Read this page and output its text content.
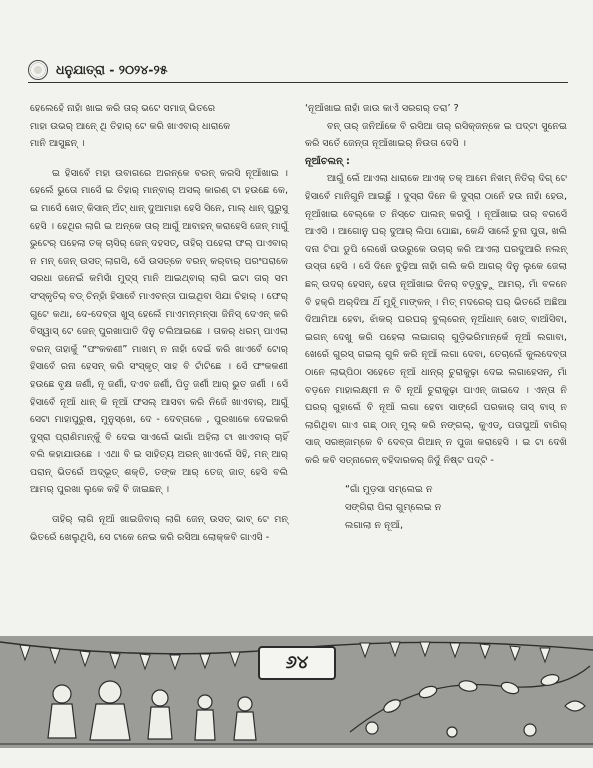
ଧନୁଯାତ୍ରା - ୨୦୨୪-୨୫

ହେଲେହେଁ ନାହାଁ ଖାଇ କରି ତାର୍ ଭଟେ ସମାଜ୍ ଭିତରେ

ମାହା ଉଭର୍ ଆନେ୍ ଥି ତିହାର୍ ଟେ କରି ଖାଏବାର୍ ଧାରାକେ

ମାନି ଆସୁଛନ୍ ।

ଇ ହିସାବେଁ ମହା ଉବାଗରେ ଅରନ୍‌କେ ବରନ୍ କରସି ନୂଆଁଖାଇ । ହେଲେଁ ଭୁତୋ ମାସେଁ ଇ ତିହାର୍ ମାନ୍‌ବାର୍ ଅସଲ୍ କାରଣ୍ ଟା ହଉଛେ କେ, ଇ ମାସେଁ ଖେତ୍ କିସାନ୍ ଅଁଟ୍ ଧାନ୍ ଦୁଆମାହା ହେସି ସିନେ, ମାଲ୍ ଧାନ୍ ପୁରୁସୁ ହେସି । ହେଥିର ଲାଗି ଇ ଅନ୍‌କେ ତାର୍ ଆଗୁଁ ଆବାହନ୍ କରାହେସି ଜେନ୍ ମାଗୁଁ ଭୁଟେର୍ ପହେଲା ତକ୍ ଚାସିର୍ ଜେନ୍ ଦହସତ୍, ତାହିର୍ ପହେଲା ଫଲ୍ ପାଏବାର୍ ନ ମନ୍ ଜେନ୍ ଉସତ୍ ଲାଗସି, ସେଁ ଉସତ୍‌କେ ବରନ୍ କର୍‌ବାର୍ ପରଂପରାକେ ସରଧା ଜନେଇଁ କମିସାଁ ମୁଦ୍‌ସ୍ ମାନି ଆଇଥ୍‌ବାର୍ ଲାଗି ଇଟା ତାର୍ ସମ ସଂସ୍କୃତିର୍ ବଡ୍ ଚିନ୍‌ହାଁ ହିସାବେଁ ମାଏବନ୍ତା ପାଇଥିବା ସିଯା ଚିହାର୍ । ଫେର୍ ଗୁଟେ କଥା, ଦେ-ଦେବ୍‌ତା ଖୁସ୍ ହେଲେଁ ମାଏମନ୍‌ମନ୍‌ସା ଜିନିସ୍ ଦେଏନ୍ କରି ବିସ୍ୱାସ୍ ଟେ ଜେନ୍ ପୁରଖାପାତି ଦିନୁ ଚଲିଆଇଛେ । ତାକର୍ ଧରମ୍ ପାଏଲା ବରନ୍ ତାହାକୁଁ “ଫଂକକଣୀ” ମାଖମ୍ ନ ନାହାଁ ଦେଇଁ କରି ଖାଏବେଁ ଟୋର୍ ହିସାବେଁ ରନା ହେସନ୍ କରି ସଂସ୍କୃତ୍ ସାହ ବି ଟାଁଟିଛେ । ସେଁ ଫଂକକଣୀ ହଉଛେ ବୃକ୍ଷ ଜର୍ଣୀ, ନୂ ଜର୍ଣୀ, ଦଏବ ଜର୍ଣୀ, ପିତୃ ଜର୍ଣୀ ଆର୍ ଭୁତ ଜର୍ଣୀ । ସେଁ ହିସାବେଁ ନୂଆଁ ଧାନ୍ କି ନୂଆଁ ଫସଲ୍ ଆସବା କରି ନିଜେଁ ଖାଏବାର୍, ଆଗୁଁ ସେଟା ମାହାପୁରୁଷ, ମୁନୁସ୍‌ଖେ, ଦେ - ଦେବ୍‌ତାକେ , ପୁରଖାକେ ଦେଇକରି ଦୁସ୍‌ରା ପ୍ରାଣିମାନ୍‌କୁଁ ବି ଦେଇ ସାଏଲେଁ ଭାଗାଁ ଅହିଲା ଟା ଖାଏବାର୍ ଚାହିଁ ବଲି କହାଯାଉଛେ । ଏଥା ବି ଇ ସାହିତ୍ୟ ଅରନ୍ ଖାଏଲେଁ ସିହି, ମନ୍ ଆର୍ ପରାନ୍ ଭିତରେଁ ଅଦ୍ଭୂତ୍ ଶକ୍ତି, ତଙ୍କ ଆର୍ ତେଜ୍ ଜାତ୍ ହେସି ବଲି ଆମର୍ ପୁରଖା ଲୁକେ କହି ବି ଜାଇଛନ୍ ।

ତାହିର୍ ଲାଗି ନୂଆଁ ଖାଇଜିବାର୍ ଲାଗି ଜେନ୍ ଉସତ୍ ଭାବ୍ ଟେ ମନ୍ ଭିତରେଁ ଖେଲୁଥିସି, ସେ ଟାକେ ନେଇ କରି ରସିଆ ଲୋକ୍‌କବି ଗାଏସି -

‘ନୂଆଁଖାଇ ନାହାଁ ଜାଉ କାଏଁ ସରଗର୍ ତରା’ ?

ବନ୍ ତାର୍ ଜନିଆଁକେ ବି ରସିଆ ତାର୍ ରସିକ୍‌ଜନ୍‌କେ ଇ ପଦ୍‌ଟା ସୁନେଇ କରି ସତେଁ ଜେନ୍‌ତା ନୂଆଁଖାଇର୍ ନିଉତା ଦେସି ।

ନୂଆଁଚଲନ୍ :

ଆଗୁଁ ଲେଁ ଆଏଲା ଧାରାକେ ଆଏକ୍ ତକ୍ ଆମେ ନିଖମ୍ ନିତିର୍ ଦିଗ୍ ଟେ ହିସାବେଁ ମାନିଗୁନି ଆଇଛୁଁ । ଦୁସ୍‌ରା ଦିନେ କି ଦୁସ୍‌ରା ଠାନେଁ ହଉ ନାହାଁ ହେଉ, ନୂଆଁଖାଇ ବେଲ୍‌କେ ତ ନିସ୍ଚେ ପାଲନ୍ କରସୁଁ । ନୂଆଁଖାଇ ତାର୍ ବରସେଁ ଆଏସି । ଆଗୋନୁ ଘର୍ ଦୁଆର୍ ଲିପା ପୋଛା, କେନ୍ଦି ସାଲେଁ ଚୁନା ପୁତା, ଖଲି ଦନା ଟିପା ଡୁପି ଲେଖେଁ ଉଉରୁକେ ଉଚାର୍ କରି ଆଏଲା ଘରଦୁଆରି ନଲନ୍ ଉସ୍‌ତା ହେସି । ସେଁ ଦିନେ ବୁଢ଼ିଆ ନାହାଁ ଗଲି କରି ଆଗର୍ ଦିନୁ ଲୁକେ ଜେଲା ଛଳ୍ ଉଦର୍ ହେସନ୍, ହେତା ନୂଆଁଖାଇ ଦିନର୍ ବଡ଼୍‌ବୁଢ଼ୁ ଆମର୍, ମାଁ ବଳନେ ବି ହକ୍ରି ଅର୍‌ଦିଆ ଥିଁ ମୁହୂଁ ମାଙ୍କନ୍ । ମିତ୍ ମଦରେର୍ ଘର୍ ଭିତରେଁ ଅଛିଆ ଦିଆମିଆ ହେବା, ଝାଁକର୍ ଘରଘର୍ ବୁଲ୍‌ରେନ୍ ନୂଆଁଧାନ୍ ଖେତ୍ ବାଆଁସିବା, ଇଗନ୍ ଦେଖୁ କରି ପହେଲା ଲଇାଗର୍ ଗୁଡ଼ିଭରିମାନ୍‌କେଁ ନୂଆଁ ଲଗାବା, ଖେରେଁ ଗୁରସ୍ ଗଇଲ୍ ଗୁଳି କରି ନୂଆଁ ଲଗା ଦେବା, ତେଚାଲେଁ କୁଲଦେବ୍‌ତା ଠାନେ ଲାଭ୍‌ପିଠା ସହେତେ ନୂଆଁ ଧାନ୍‌ର୍ ଚୁରାକୁଢ଼ା ଦେଇ ଲଗାହେସନ୍, ମାଁ ବଡ଼ନେ ମାହାଲକ୍ଷ୍ମୀ ନ ବି ନୂଆଁ ଚୁରାକୁଢ଼ା ପାଏନ୍ ଜାଇଦେ । ଏନ୍‌ତା ନି ଘରର୍ ଗୁହାଲେଁ ବି ନୂଆଁ ଲଗା ହେବା ସାଙ୍ଗେଁ ପରକାର୍ ତାସ୍ ବାସ୍ ନ ଲାଗିଥିବା ଗାଏ ଗଛ୍ ଠାନ୍ ମୁଲ୍ କରି ନଙ୍ଗଲ୍, କୁଏଡ୍, ପତାପୁଆଁ ବାଗିର୍ ସାଜ୍ ସରଞ୍ଜାମ୍‌କେ ବି ଦେବ୍‌ତା ଗିଆନ୍ ନ ପୁଜା କରାହେସି । ଇ ଟା ଦେଖି କରି କବି ସତ୍‌ନାରେନ୍ ବହିଦାରକର୍ ଜିଦୁଁ ନିଷ୍‌ଟ ପଦ୍‌ଟି -

“ଗାଁ ମୁଡ଼ସା ସମ୍‌ଲେଇ ନ

ସଙ୍ଗିରା ପିଲା ଗୁମ୍‌ଲେଇ ନ

ଲଗାଲା ନ ନୂଆଁ,

୬୪
